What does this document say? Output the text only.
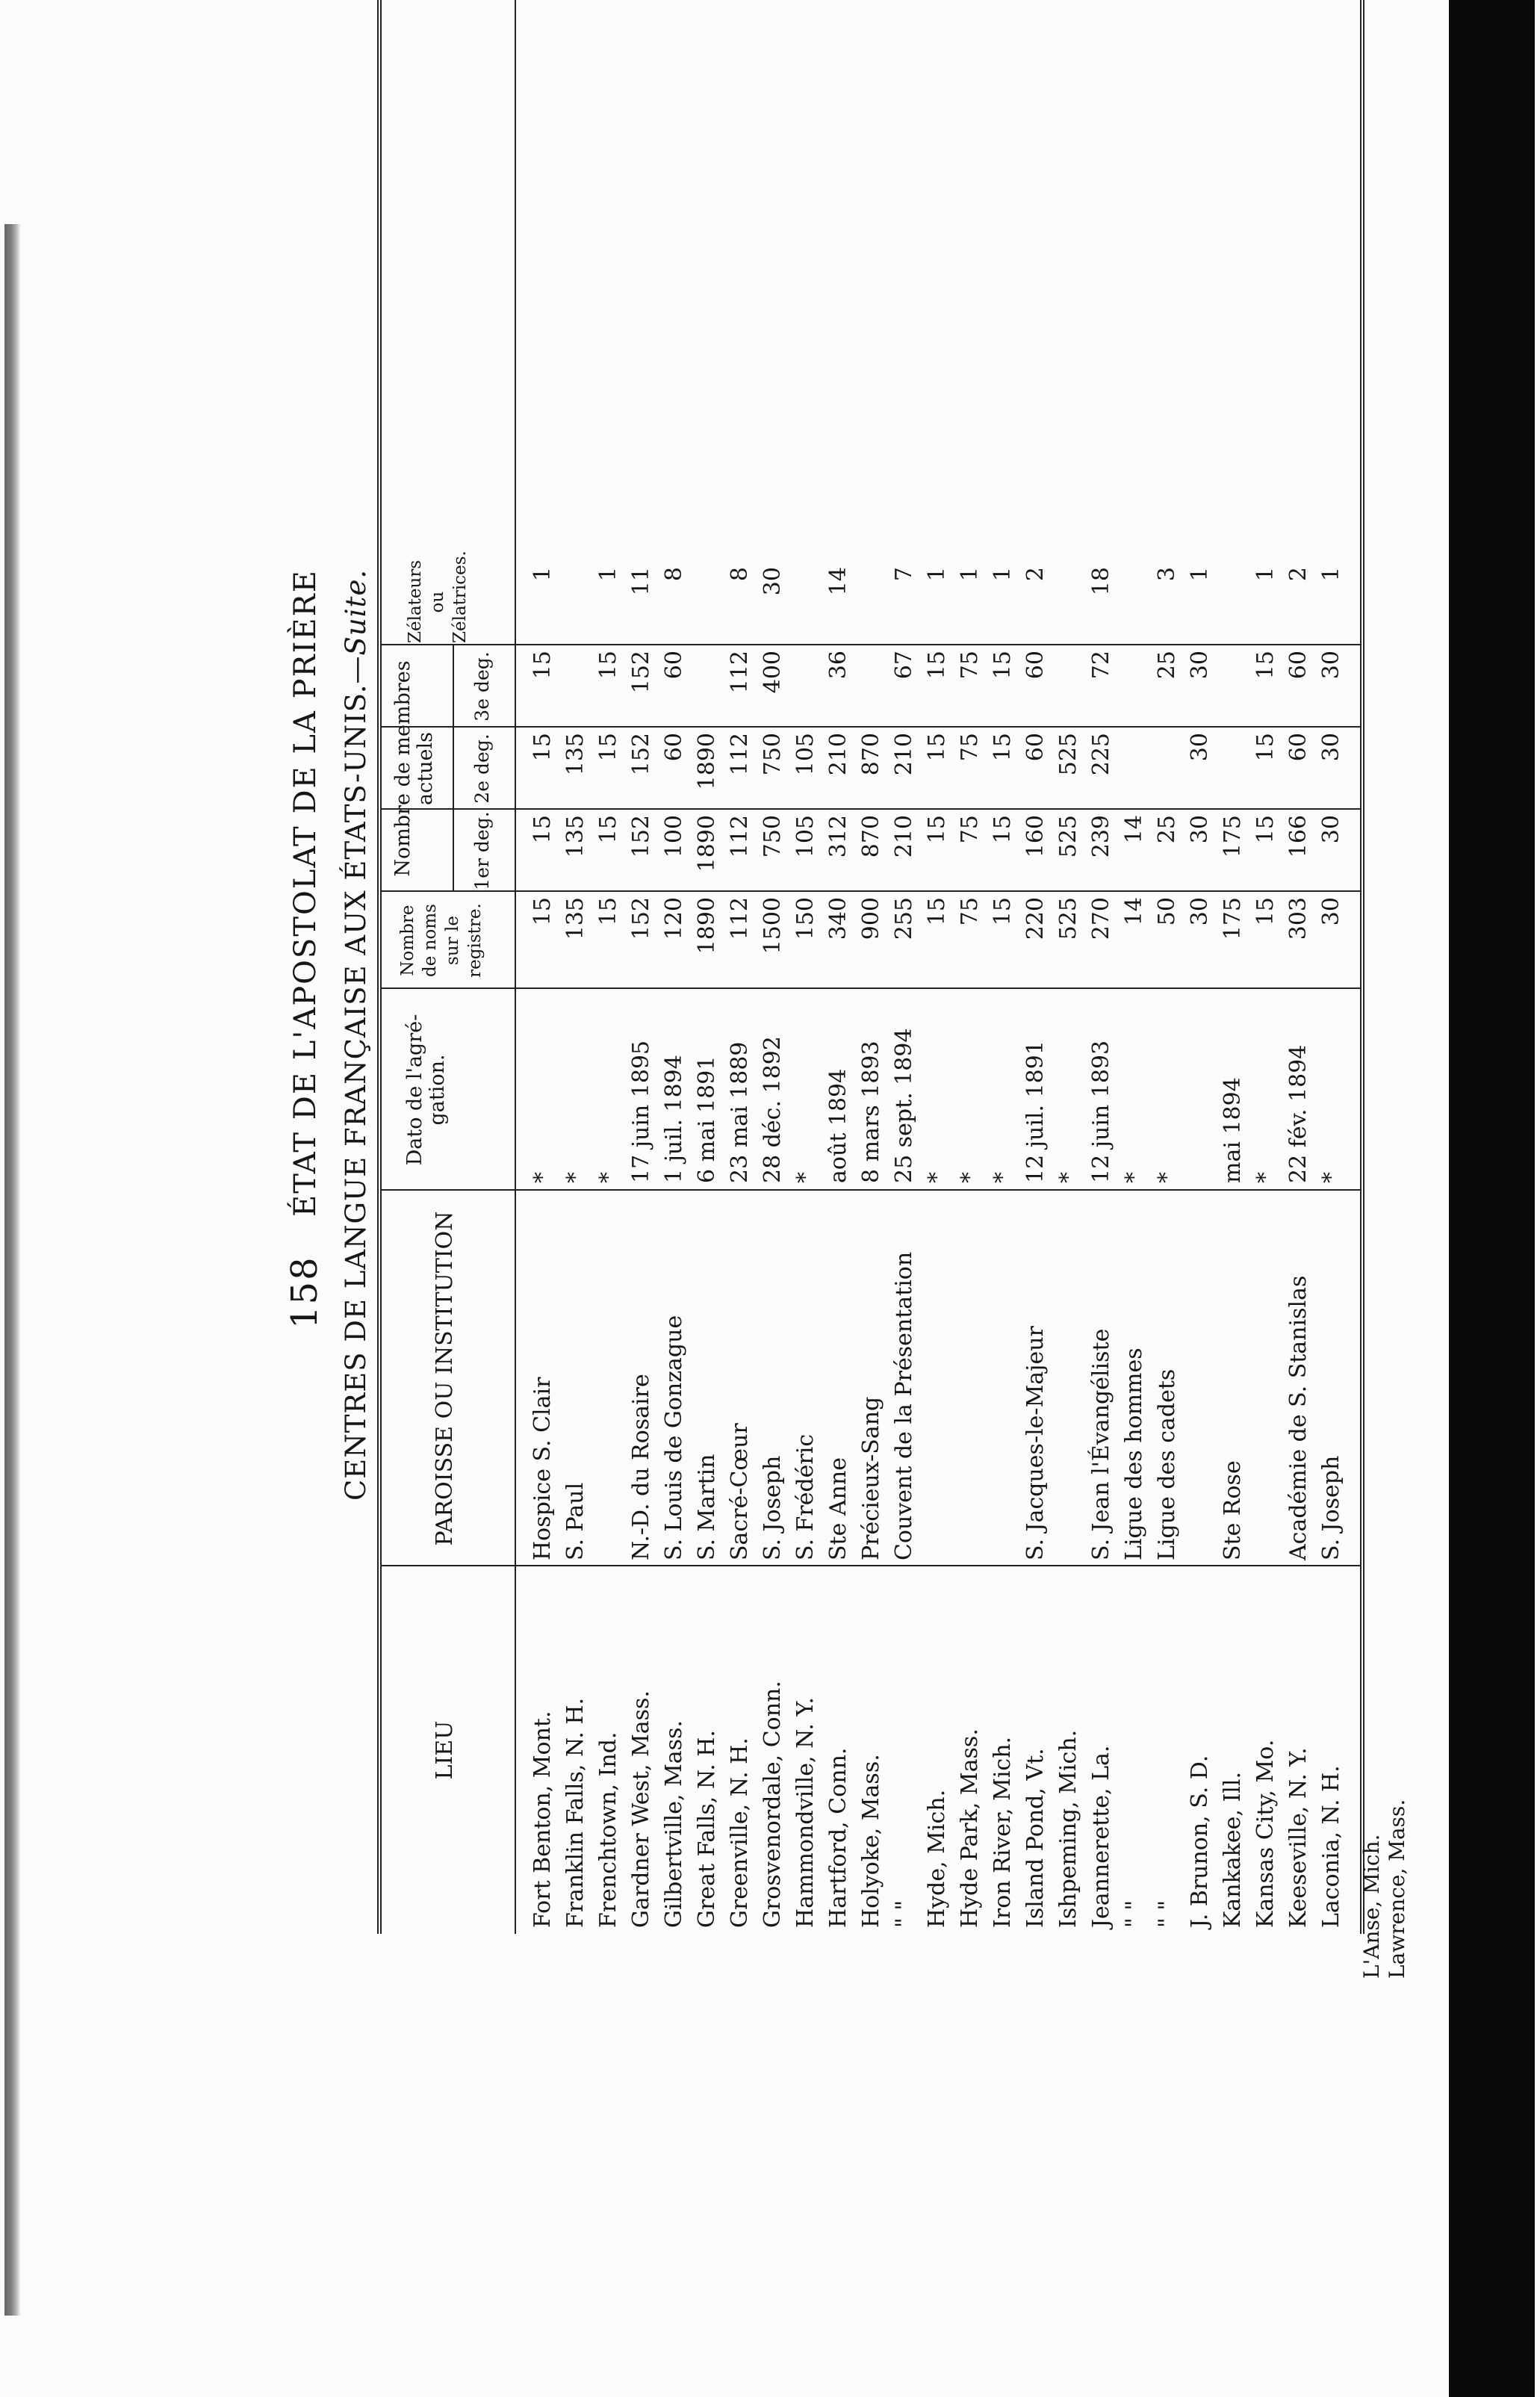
158
ÉTAT DE L'APOSTOLAT DE LA PRIÈRE CENTRES DE LANGUE FRANÇAISE AUX ÉTATS-UNIS.—Suite.
LIEU
PAROISSE OU INSTITUTION
Dato de l'agré-gation.
Nombre de noms sur le registre.
Nombre de membres actuels
1er deg.
2e deg.
3e deg.
Zélateurs ou Zélatrices.
Fort Benton, Mont.
Hospice S. Clair
*
15
15
15
15
1
Franklin Falls, N. H.
S. Paul
*
135
135
135
Frenchtown, Ind.
*
15
15
15
15
1
Gardner West, Mass.
N.-D. du Rosaire
17 juin 1895
152
152
152
152
11
Gilbertville, Mass.
S. Louis de Gonzague
1 juil. 1894
120
100
60
60
8
Great Falls, N. H.
S. Martin
6 mai 1891
1890
1890
1890
Greenville, N. H.
Sacré-Cœur
23 mai 1889
112
112
112
112
8
Grosvenordale, Conn.
S. Joseph
28 déc. 1892
1500
750
750
400
30
Hammondville, N. Y.
S. Frédéric
*
150
105
105
Hartford, Conn.
Ste Anne
août 1894
340
312
210
36
14
Holyoke, Mass.
Précieux-Sang
8 mars 1893
900
870
870
" "
Couvent de la Présentation
25 sept. 1894
255
210
210
67
7
Hyde, Mich.
*
15
15
15
15
1
Hyde Park, Mass.
*
75
75
75
75
1
Iron River, Mich.
*
15
15
15
15
1
Island Pond, Vt.
S. Jacques-le-Majeur
12 juil. 1891
220
160
60
60
2
Ishpeming, Mich.
*
525
525
525
Jeannerette, La.
S. Jean l'Évangéliste
12 juin 1893
270
239
225
72
18
" "
Ligue des hommes
*
14
14
" "
Ligue des cadets
*
50
25
25
3
J. Brunon, S. D.
30
30
30
30
1
Kankakee, Ill.
Ste Rose
mai 1894
175
175
Kansas City, Mo.
*
15
15
15
15
1
Keeseville, N. Y.
Académie de S. Stanislas
22 fév. 1894
303
166
60
60
2
Laconia, N. H.
S. Joseph
*
30
30
30
30
1
L'Anse, Mich. Lawrence, Mass.
